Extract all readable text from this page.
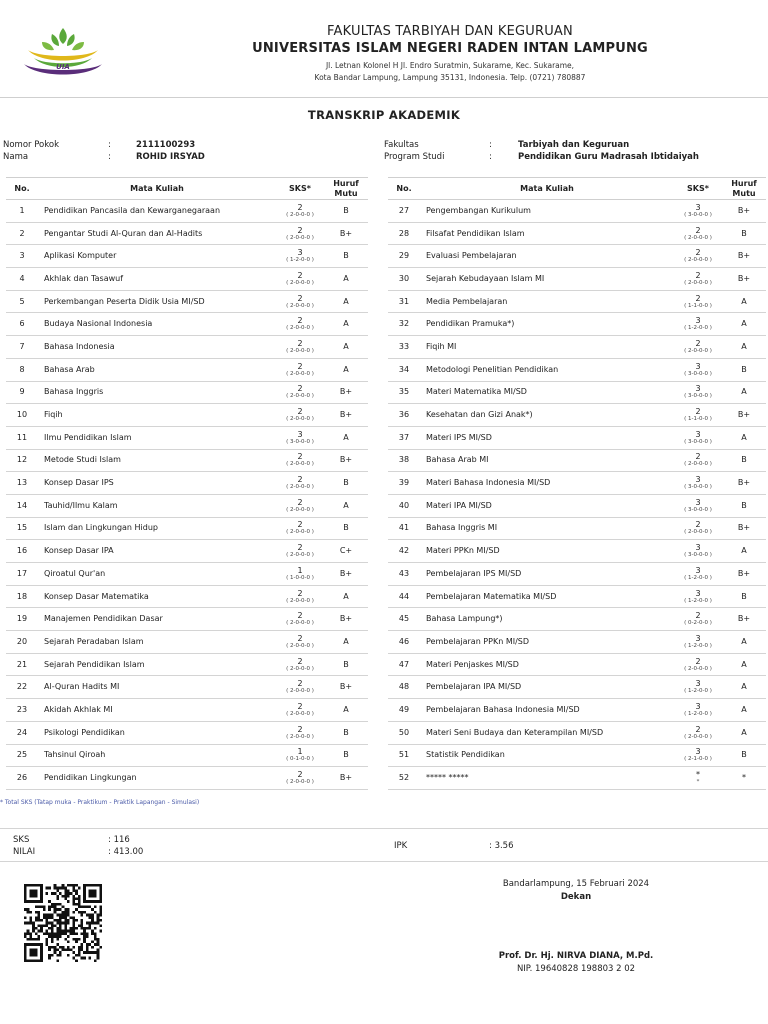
UIA
FAKULTAS TARBIYAH DAN KEGURUAN
UNIVERSITAS ISLAM NEGERI RADEN INTAN LAMPUNG
Jl. Letnan Kolonel H Jl. Endro Suratmin, Sukarame, Kec. Sukarame,
Kota Bandar Lampung, Lampung 35131, Indonesia. Telp. (0721) 780887
TRANSKRIP AKADEMIK
Nomor Pokok	:	2111100293
Nama	:	ROHID IRSYAD
Fakultas	:	Tarbiyah dan Keguruan
Program Studi	:	Pendidikan Guru Madrasah Ibtidaiyah
No.	Mata Kuliah	SKS*	Huruf
Mutu
1	Pendidikan Pancasila dan Kewarganegaraan	2
( 2-0-0-0 )	B
2	Pengantar Studi Al-Quran dan Al-Hadits	2
( 2-0-0-0 )	B+
3	Aplikasi Komputer	3
( 1-2-0-0 )	B
4	Akhlak dan Tasawuf	2
( 2-0-0-0 )	A
5	Perkembangan Peserta Didik Usia MI/SD	2
( 2-0-0-0 )	A
6	Budaya Nasional Indonesia	2
( 2-0-0-0 )	A
7	Bahasa Indonesia	2
( 2-0-0-0 )	A
8	Bahasa Arab	2
( 2-0-0-0 )	A
9	Bahasa Inggris	2
( 2-0-0-0 )	B+
10	Fiqih	2
( 2-0-0-0 )	B+
11	Ilmu Pendidikan Islam	3
( 3-0-0-0 )	A
12	Metode Studi Islam	2
( 2-0-0-0 )	B+
13	Konsep Dasar IPS	2
( 2-0-0-0 )	B
14	Tauhid/Ilmu Kalam	2
( 2-0-0-0 )	A
15	Islam dan Lingkungan Hidup	2
( 2-0-0-0 )	B
16	Konsep Dasar IPA	2
( 2-0-0-0 )	C+
17	Qiroatul Qur'an	1
( 1-0-0-0 )	B+
18	Konsep Dasar Matematika	2
( 2-0-0-0 )	A
19	Manajemen Pendidikan Dasar	2
( 2-0-0-0 )	B+
20	Sejarah Peradaban Islam	2
( 2-0-0-0 )	A
21	Sejarah Pendidikan Islam	2
( 2-0-0-0 )	B
22	Al-Quran Hadits MI	2
( 2-0-0-0 )	B+
23	Akidah Akhlak MI	2
( 2-0-0-0 )	A
24	Psikologi Pendidikan	2
( 2-0-0-0 )	B
25	Tahsinul Qiroah	1
( 0-1-0-0 )	B
26	Pendidikan Lingkungan	2
( 2-0-0-0 )	B+
No.	Mata Kuliah	SKS*	Huruf
Mutu
27	Pengembangan Kurikulum	3
( 3-0-0-0 )	B+
28	Filsafat Pendidikan Islam	2
( 2-0-0-0 )	B
29	Evaluasi Pembelajaran	2
( 2-0-0-0 )	B+
30	Sejarah Kebudayaan Islam MI	2
( 2-0-0-0 )	B+
31	Media Pembelajaran	2
( 1-1-0-0 )	A
32	Pendidikan Pramuka*)	3
( 1-2-0-0 )	A
33	Fiqih MI	2
( 2-0-0-0 )	A
34	Metodologi Penelitian Pendidikan	3
( 3-0-0-0 )	B
35	Materi Matematika MI/SD	3
( 3-0-0-0 )	A
36	Kesehatan dan Gizi Anak*)	2
( 1-1-0-0 )	B+
37	Materi IPS MI/SD	3
( 3-0-0-0 )	A
38	Bahasa Arab MI	2
( 2-0-0-0 )	B
39	Materi Bahasa Indonesia MI/SD	3
( 3-0-0-0 )	B+
40	Materi IPA MI/SD	3
( 3-0-0-0 )	B
41	Bahasa Inggris MI	2
( 2-0-0-0 )	B+
42	Materi PPKn MI/SD	3
( 3-0-0-0 )	A
43	Pembelajaran IPS MI/SD	3
( 1-2-0-0 )	B+
44	Pembelajaran Matematika MI/SD	3
( 1-2-0-0 )	B
45	Bahasa Lampung*)	2
( 0-2-0-0 )	B+
46	Pembelajaran PPKn MI/SD	3
( 1-2-0-0 )	A
47	Materi Penjaskes MI/SD	2
( 2-0-0-0 )	A
48	Pembelajaran IPA MI/SD	3
( 1-2-0-0 )	A
49	Pembelajaran Bahasa Indonesia MI/SD	3
( 1-2-0-0 )	A
50	Materi Seni Budaya dan Keterampilan MI/SD	2
( 2-0-0-0 )	A
51	Statistik Pendidikan	3
( 2-1-0-0 )	B
52	***** *****	*
*	*
* Total SKS (Tatap muka - Praktikum - Praktik Lapangan - Simulasi)
SKS	: 116
NILAI	: 413.00
IPK	: 3.56
Bandarlampung, 15 Februari 2024
Dekan
Prof. Dr. Hj. NIRVA DIANA, M.Pd.
NIP. 19640828 198803 2 02
